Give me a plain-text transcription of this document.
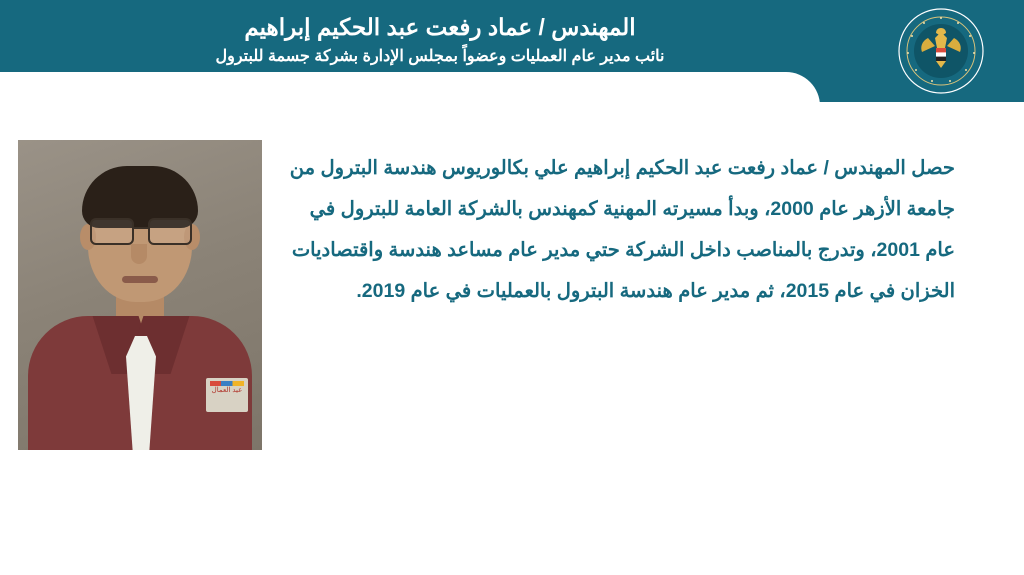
المهندس / عماد رفعت عبد الحكيم إبراهيم
نائب مدير عام العمليات وعضواً بمجلس الإدارة بشركة جسمة للبترول
عيد العمال
حصل المهندس / عماد رفعت عبد الحكيم إبراهيم علي بكالوريوس هندسة البترول من جامعة الأزهر عام 2000، وبدأ مسيرته المهنية كمهندس بالشركة العامة للبترول في عام 2001، وتدرج بالمناصب داخل الشركة حتي مدير عام مساعد هندسة واقتصاديات الخزان في عام 2015، ثم مدير عام هندسة البترول بالعمليات في عام 2019.
